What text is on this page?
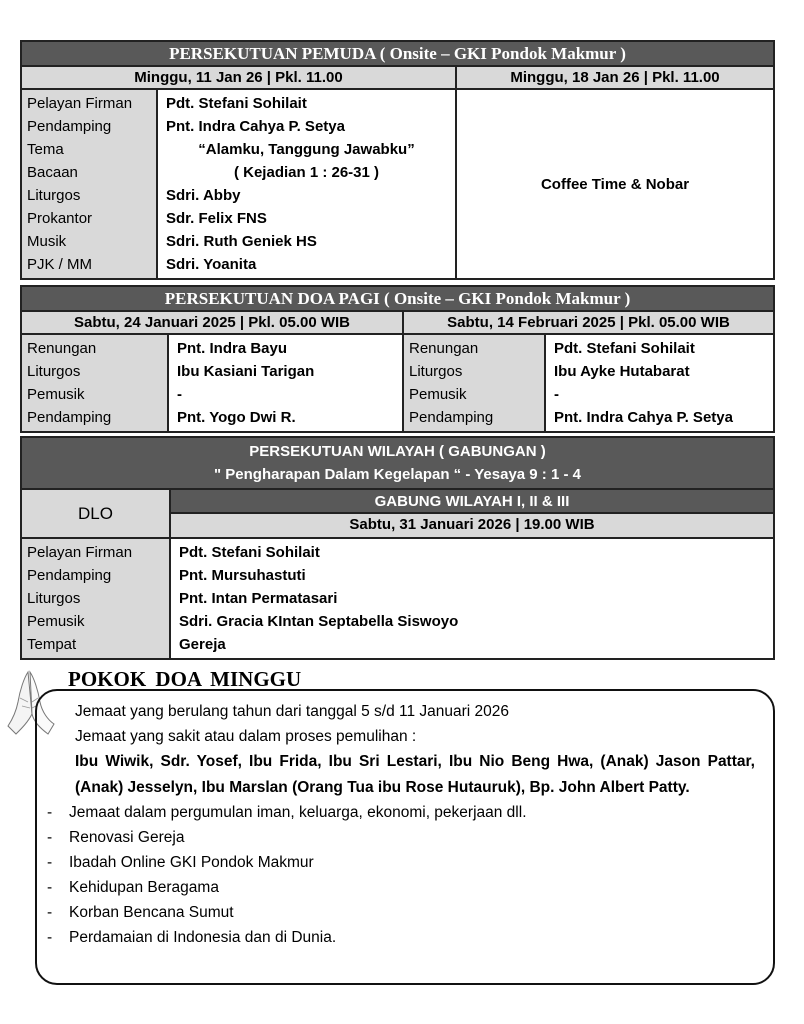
PERSEKUTUAN PEMUDA ( Onsite – GKI Pondok Makmur )
Minggu, 11 Jan 26 | Pkl. 11.00	Minggu, 18 Jan 26 | Pkl. 11.00
Pelayan Firman
Pendamping
Tema
Bacaan
Liturgos
Prokantor
Musik
PJK / MM
Pdt. Stefani Sohilait
Pnt. Indra Cahya P. Setya
“Alamku, Tanggung Jawabku”
( Kejadian 1 : 26-31 )
Sdri. Abby
Sdr. Felix FNS
Sdri. Ruth Geniek HS
Sdri. Yoanita
Coffee Time & Nobar
PERSEKUTUAN DOA PAGI ( Onsite – GKI Pondok Makmur )
Sabtu, 24 Januari 2025 | Pkl. 05.00 WIB	Sabtu, 14 Februari 2025 | Pkl. 05.00 WIB
Renungan
Liturgos
Pemusik
Pendamping
Pnt. Indra Bayu
Ibu Kasiani Tarigan
-
Pnt. Yogo Dwi R.
Renungan
Liturgos
Pemusik
Pendamping
Pdt. Stefani Sohilait
Ibu Ayke Hutabarat
-
Pnt. Indra Cahya P. Setya
PERSEKUTUAN WILAYAH ( GABUNGAN )
" Pengharapan Dalam Kegelapan “ - Yesaya 9 : 1 - 4
DLO
GABUNG WILAYAH I, II & III
Sabtu, 31 Januari 2026 | 19.00 WIB
Pelayan Firman
Pendamping
Liturgos
Pemusik
Tempat
Pdt. Stefani Sohilait
Pnt. Mursuhastuti
Pnt. Intan Permatasari
Sdri. Gracia KIntan Septabella Siswoyo
Gereja
POKOK DOA MINGGU

Jemaat yang berulang tahun dari tanggal 5 s/d 11 Januari 2026

Jemaat yang sakit atau dalam proses pemulihan :

Ibu Wiwik, Sdr. Yosef, Ibu Frida, Ibu Sri Lestari, Ibu Nio Beng Hwa, (Anak) Jason Pattar, (Anak) Jesselyn, Ibu Marslan (Orang Tua ibu Rose Hutauruk), Bp. John Albert Patty.

- Jemaat dalam pergumulan iman, keluarga, ekonomi, pekerjaan dll.

- Renovasi Gereja

- Ibadah Online GKI Pondok Makmur

- Kehidupan Beragama

- Korban Bencana Sumut

- Perdamaian di Indonesia dan di Dunia.
